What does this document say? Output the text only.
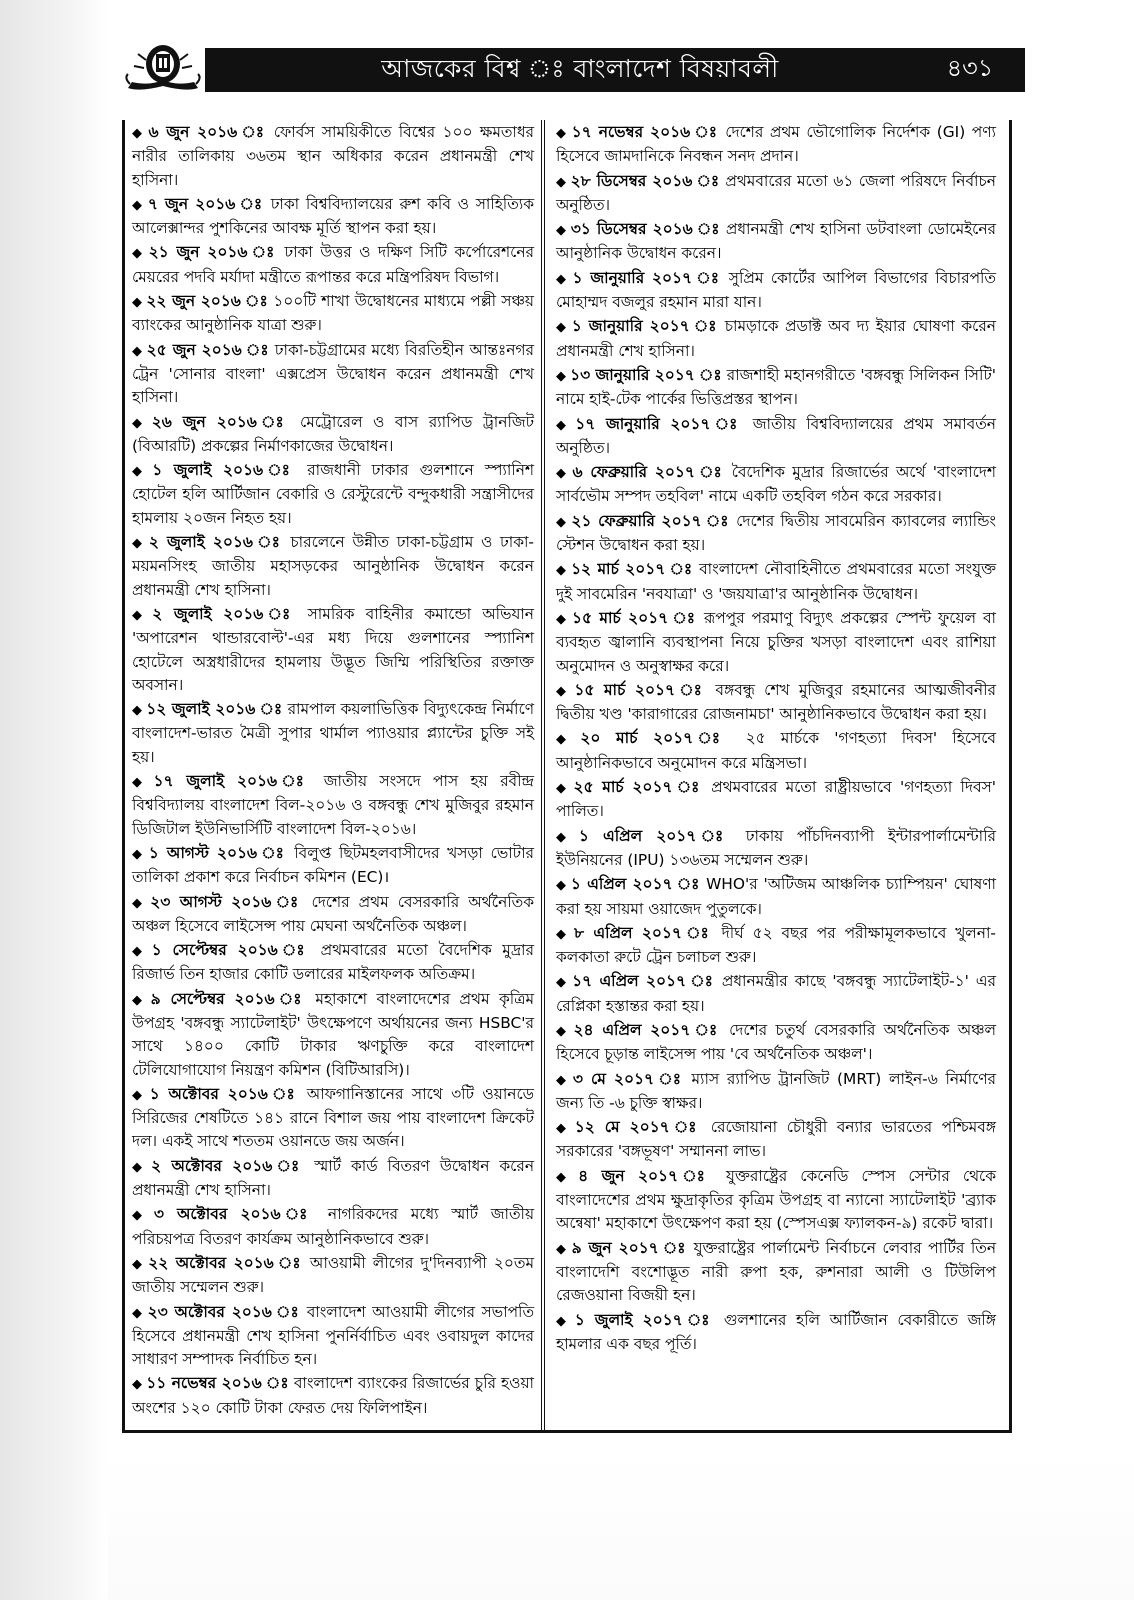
আজকের বিশ্ব ঃ বাংলাদেশ বিষয়াবলী	৪৩১
◆ ৬ জুন ২০১৬ ঃ ফোর্বস সাময়িকীতে বিশ্বের ১০০ ক্ষমতাধর নারীর তালিকায় ৩৬তম স্থান অধিকার করেন প্রধানমন্ত্রী শেখ হাসিনা।
◆ ৭ জুন ২০১৬ ঃ ঢাকা বিশ্ববিদ্যালয়ের রুশ কবি ও সাহিত্যিক আলেক্সান্দর পুশকিনের আবক্ষ মূর্তি স্থাপন করা হয়।
◆ ২১ জুন ২০১৬ ঃ ঢাকা উত্তর ও দক্ষিণ সিটি কর্পোরেশনের মেয়রের পদবি মর্যাদা মন্ত্রীতে রূপান্তর করে মন্ত্রিপরিষদ বিভাগ।
◆ ২২ জুন ২০১৬ ঃ ১০০টি শাখা উদ্বোধনের মাধ্যমে পল্লী সঞ্চয় ব্যাংকের আনুষ্ঠানিক যাত্রা শুরু।
◆ ২৫ জুন ২০১৬ ঃ ঢাকা-চট্টগ্রামের মধ্যে বিরতিহীন আন্তঃনগর ট্রেন 'সোনার বাংলা' এক্সপ্রেস উদ্বোধন করেন প্রধানমন্ত্রী শেখ হাসিনা।
◆ ২৬ জুন ২০১৬ ঃ মেট্রোরেল ও বাস র‍্যাপিড ট্রানজিট (বিআরটি) প্রকল্পের নির্মাণকাজের উদ্বোধন।
◆ ১ জুলাই ২০১৬ ঃ রাজধানী ঢাকার গুলশানে স্প্যানিশ হোটেল হলি আর্টিজান বেকারি ও রেস্টুরেন্টে বন্দুকধারী সন্ত্রাসীদের হামলায় ২০জন নিহত হয়।
◆ ২ জুলাই ২০১৬ ঃ চারলেনে উন্নীত ঢাকা-চট্টগ্রাম ও ঢাকা-ময়মনসিংহ জাতীয় মহাসড়কের আনুষ্ঠানিক উদ্বোধন করেন প্রধানমন্ত্রী শেখ হাসিনা।
◆ ২ জুলাই ২০১৬ ঃ সামরিক বাহিনীর কমান্ডো অভিযান 'অপারেশন থান্ডারবোল্ট'-এর মধ্য দিয়ে গুলশানের স্প্যানিশ হোটেলে অস্ত্রধারীদের হামলায় উদ্ভূত জিম্মি পরিস্থিতির রক্তাক্ত অবসান।
◆ ১২ জুলাই ২০১৬ ঃ রামপাল কয়লাভিত্তিক বিদ্যুৎকেন্দ্র নির্মাণে বাংলাদেশ-ভারত মৈত্রী সুপার থার্মাল প্যাওয়ার প্ল্যান্টের চুক্তি সই হয়।
◆ ১৭ জুলাই ২০১৬ ঃ জাতীয় সংসদে পাস হয় রবীন্দ্র বিশ্ববিদ্যালয় বাংলাদেশ বিল-২০১৬ ও বঙ্গবন্ধু শেখ মুজিবুর রহমান ডিজিটাল ইউনিভার্সিটি বাংলাদেশ বিল-২০১৬।
◆ ১ আগস্ট ২০১৬ ঃ বিলুপ্ত ছিটমহলবাসীদের খসড়া ভোটার তালিকা প্রকাশ করে নির্বাচন কমিশন (EC)।
◆ ২৩ আগস্ট ২০১৬ ঃ দেশের প্রথম বেসরকারি অর্থনৈতিক অঞ্চল হিসেবে লাইসেন্স পায় মেঘনা অর্থনৈতিক অঞ্চল।
◆ ১ সেপ্টেম্বর ২০১৬ ঃ প্রথমবারের মতো বৈদেশিক মুদ্রার রিজার্ভ তিন হাজার কোটি ডলারের মাইলফলক অতিক্রম।
◆ ৯ সেপ্টেম্বর ২০১৬ ঃ মহাকাশে বাংলাদেশের প্রথম কৃত্রিম উপগ্রহ 'বঙ্গবন্ধু স্যাটেলাইট' উৎক্ষেপণে অর্থায়নের জন্য HSBC'র সাথে ১৪০০ কোটি টাকার ঋণচুক্তি করে বাংলাদেশ টেলিযোগাযোগ নিয়ন্ত্রণ কমিশন (বিটিআরসি)।
◆ ১ অক্টোবর ২০১৬ ঃ আফগানিস্তানের সাথে ৩টি ওয়ানডে সিরিজের শেষটিতে ১৪১ রানে বিশাল জয় পায় বাংলাদেশ ক্রিকেট দল। একই সাথে শততম ওয়ানডে জয় অর্জন।
◆ ২ অক্টোবর ২০১৬ ঃ স্মার্ট কার্ড বিতরণ উদ্বোধন করেন প্রধানমন্ত্রী শেখ হাসিনা।
◆ ৩ অক্টোবর ২০১৬ ঃ নাগরিকদের মধ্যে স্মার্ট জাতীয় পরিচয়পত্র বিতরণ কার্যক্রম আনুষ্ঠানিকভাবে শুরু।
◆ ২২ অক্টোবর ২০১৬ ঃ আওয়ামী লীগের দু'দিনব্যাপী ২০তম জাতীয় সম্মেলন শুরু।
◆ ২৩ অক্টোবর ২০১৬ ঃ বাংলাদেশ আওয়ামী লীগের সভাপতি হিসেবে প্রধানমন্ত্রী শেখ হাসিনা পুনর্নির্বাচিত এবং ওবায়দুল কাদের সাধারণ সম্পাদক নির্বাচিত হন।
◆ ১১ নভেম্বর ২০১৬ ঃ বাংলাদেশ ব্যাংকের রিজার্ভের চুরি হওয়া অংশের ১২০ কোটি টাকা ফেরত দেয় ফিলিপাইন।
◆ ১৭ নভেম্বর ২০১৬ ঃ দেশের প্রথম ভৌগোলিক নির্দেশক (GI) পণ্য হিসেবে জামদানিকে নিবন্ধন সনদ প্রদান।
◆ ২৮ ডিসেম্বর ২০১৬ ঃ প্রথমবারের মতো ৬১ জেলা পরিষদে নির্বাচন অনুষ্ঠিত।
◆ ৩১ ডিসেম্বর ২০১৬ ঃ প্রধানমন্ত্রী শেখ হাসিনা ডটবাংলা ডোমেইনের আনুষ্ঠানিক উদ্বোধন করেন।
◆ ১ জানুয়ারি ২০১৭ ঃ সুপ্রিম কোর্টের আপিল বিভাগের বিচারপতি মোহাম্মদ বজলুর রহমান মারা যান।
◆ ১ জানুয়ারি ২০১৭ ঃ চামড়াকে প্রডাক্ট অব দ্য ইয়ার ঘোষণা করেন প্রধানমন্ত্রী শেখ হাসিনা।
◆ ১৩ জানুয়ারি ২০১৭ ঃ রাজশাহী মহানগরীতে 'বঙ্গবন্ধু সিলিকন সিটি' নামে হাই-টেক পার্কের ভিত্তিপ্রস্তর স্থাপন।
◆ ১৭ জানুয়ারি ২০১৭ ঃ জাতীয় বিশ্ববিদ্যালয়ের প্রথম সমাবর্তন অনুষ্ঠিত।
◆ ৬ ফেব্রুয়ারি ২০১৭ ঃ বৈদেশিক মুদ্রার রিজার্ভের অর্থে 'বাংলাদেশ সার্বভৌম সম্পদ তহবিল' নামে একটি তহবিল গঠন করে সরকার।
◆ ২১ ফেব্রুয়ারি ২০১৭ ঃ দেশের দ্বিতীয় সাবমেরিন ক্যাবলের ল্যান্ডিং স্টেশন উদ্বোধন করা হয়।
◆ ১২ মার্চ ২০১৭ ঃ বাংলাদেশ নৌবাহিনীতে প্রথমবারের মতো সংযুক্ত দুই সাবমেরিন 'নবযাত্রা' ও 'জয়যাত্রা'র আনুষ্ঠানিক উদ্বোধন।
◆ ১৫ মার্চ ২০১৭ ঃ রূপপুর পরমাণু বিদ্যুৎ প্রকল্পের স্পেন্ট ফুয়েল বা ব্যবহৃত জ্বালানি ব্যবস্থাপনা নিয়ে চুক্তির খসড়া বাংলাদেশ এবং রাশিয়া অনুমোদন ও অনুস্বাক্ষর করে।
◆ ১৫ মার্চ ২০১৭ ঃ বঙ্গবন্ধু শেখ মুজিবুর রহমানের আত্মজীবনীর দ্বিতীয় খণ্ড 'কারাগারের রোজনামচা' আনুষ্ঠানিকভাবে উদ্বোধন করা হয়।
◆ ২০ মার্চ ২০১৭ ঃ ২৫ মার্চকে 'গণহত্যা দিবস' হিসেবে আনুষ্ঠানিকভাবে অনুমোদন করে মন্ত্রিসভা।
◆ ২৫ মার্চ ২০১৭ ঃ প্রথমবারের মতো রাষ্ট্রীয়ভাবে 'গণহত্যা দিবস' পালিত।
◆ ১ এপ্রিল ২০১৭ ঃ ঢাকায় পাঁচদিনব্যাপী ইন্টারপার্লামেন্টারি ইউনিয়নের (IPU) ১৩৬তম সম্মেলন শুরু।
◆ ১ এপ্রিল ২০১৭ ঃ WHO'র 'অটিজম আঞ্চলিক চ্যাম্পিয়ন' ঘোষণা করা হয় সায়মা ওয়াজেদ পুতুলকে।
◆ ৮ এপ্রিল ২০১৭ ঃ দীর্ঘ ৫২ বছর পর পরীক্ষামূলকভাবে খুলনা-কলকাতা রুটে ট্রেন চলাচল শুরু।
◆ ১৭ এপ্রিল ২০১৭ ঃ প্রধানমন্ত্রীর কাছে 'বঙ্গবন্ধু স্যাটেলাইট-১' এর রেপ্লিকা হস্তান্তর করা হয়।
◆ ২৪ এপ্রিল ২০১৭ ঃ দেশের চতুর্থ বেসরকারি অর্থনৈতিক অঞ্চল হিসেবে চূড়ান্ত লাইসেন্স পায় 'বে অর্থনৈতিক অঞ্চল'।
◆ ৩ মে ২০১৭ ঃ ম্যাস র‍্যাপিড ট্রানজিট (MRT) লাইন-৬ নির্মাণের জন্য তি -৬ চুক্তি স্বাক্ষর।
◆ ১২ মে ২০১৭ ঃ রেজোয়ানা চৌধুরী বন্যার ভারতের পশ্চিমবঙ্গ সরকারের 'বঙ্গভূষণ' সম্মাননা লাভ।
◆ ৪ জুন ২০১৭ ঃ যুক্তরাষ্ট্রের কেনেডি স্পেস সেন্টার থেকে বাংলাদেশের প্রথম ক্ষুদ্রাকৃতির কৃত্রিম উপগ্রহ বা ন্যানো স্যাটেলাইট 'ব্র্যাক অন্বেষা' মহাকাশে উৎক্ষেপণ করা হয় (স্পেসএক্স ফ্যালকন-৯) রকেট দ্বারা।
◆ ৯ জুন ২০১৭ ঃ যুক্তরাষ্ট্রের পার্লামেন্ট নির্বাচনে লেবার পার্টির তিন বাংলাদেশি বংশোদ্ভূত নারী রুপা হক, রুশনারা আলী ও টিউলিপ রেজওয়ানা বিজয়ী হন।
◆ ১ জুলাই ২০১৭ ঃ গুলশানের হলি আর্টিজান বেকারীতে জঙ্গি হামলার এক বছর পূর্তি।
